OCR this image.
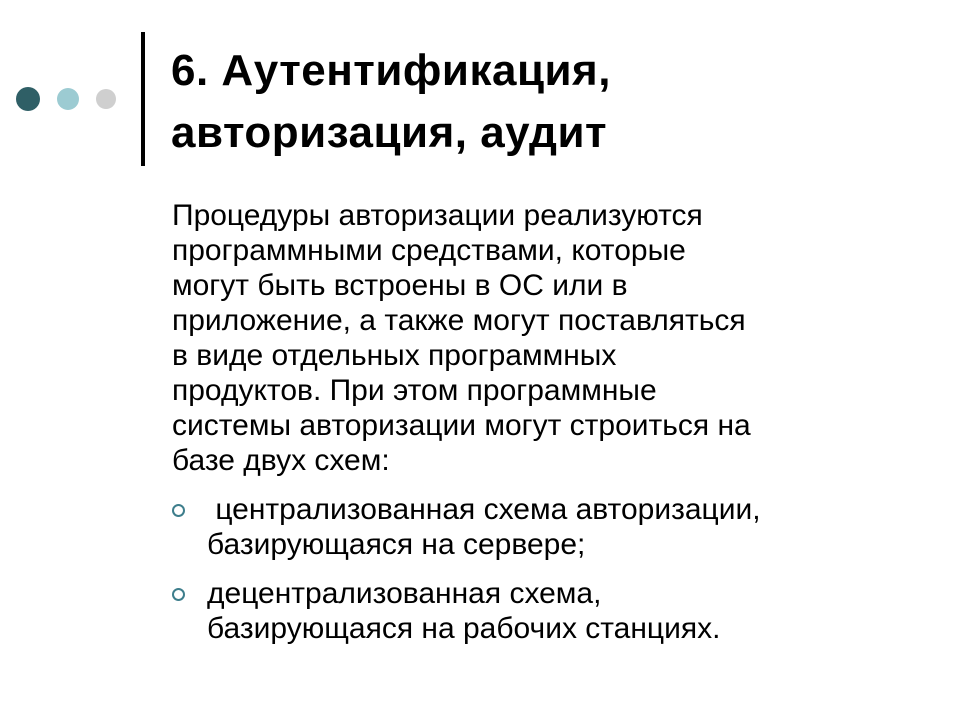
6. Аутентификация,
авторизация, аудит

Процедуры авторизации реализуются
программными средствами, которые
могут быть встроены в ОС или в
приложение, а также могут поставляться
в виде отдельных программных
продуктов. При этом программные
системы авторизации могут строиться на
базе двух схем:

централизованная схема авторизации,
базирующаяся на сервере;
децентрализованная схема,
базирующаяся на рабочих станциях.
